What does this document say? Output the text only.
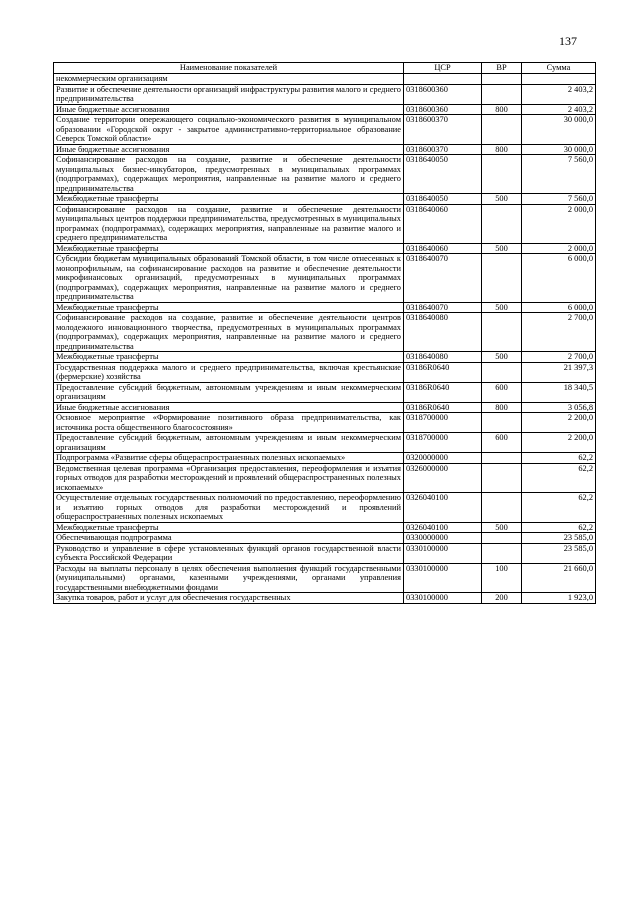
137
Наименование показателей	ЦСР	ВР	Сумма
некоммерческим организациям			
Развитие и обеспечение деятельности организаций инфраструктуры развития малого и среднего предпринимательства	0318600360		2 403,2
Иные бюджетные ассигнования	0318600360	800	2 403,2
Создание территории опережающего социально-экономического развития в муниципальном образовании «Городской округ - закрытое административно-территориальное образование Северск Томской области»	0318600370		30 000,0
Иные бюджетные ассигнования	0318600370	800	30 000,0
Софинансирование расходов на создание, развитие и обеспечение деятельности муниципальных бизнес-инкубаторов, предусмотренных в муниципальных программах (подпрограммах), содержащих мероприятия, направленные на развитие малого и среднего предпринимательства	0318640050		7 560,0
Межбюджетные трансферты	0318640050	500	7 560,0
Софинансирование расходов на создание, развитие и обеспечение деятельности муниципальных центров поддержки предпринимательства, предусмотренных в муниципальных программах (подпрограммах), содержащих мероприятия, направленные на развитие малого и среднего предпринимательства	0318640060		2 000,0
Межбюджетные трансферты	0318640060	500	2 000,0
Субсидии бюджетам муниципальных образований Томской области, в том числе отнесенных к монопрофильным, на софинансирование расходов на развитие и обеспечение деятельности микрофинансовых организаций, предусмотренных в муниципальных программах (подпрограммах), содержащих мероприятия, направленные на развитие малого и среднего предпринимательства	0318640070		6 000,0
Межбюджетные трансферты	0318640070	500	6 000,0
Софинансирование расходов на создание, развитие и обеспечение деятельности центров молодежного инновационного творчества, предусмотренных в муниципальных программах (подпрограммах), содержащих мероприятия, направленные на развитие малого и среднего предпринимательства	0318640080		2 700,0
Межбюджетные трансферты	0318640080	500	2 700,0
Государственная поддержка малого и среднего предпринимательства, включая крестьянские (фермерские) хозяйства	03186R0640		21 397,3
Предоставление субсидий бюджетным, автономным учреждениям и иным некоммерческим организациям	03186R0640	600	18 340,5
Иные бюджетные ассигнования	03186R0640	800	3 056,8
Основное мероприятие «Формирование позитивного образа предпринимательства, как источника роста общественного благосостояния»	0318700000		2 200,0
Предоставление субсидий бюджетным, автономным учреждениям и иным некоммерческим организациям	0318700000	600	2 200,0
Подпрограмма «Развитие сферы общераспространенных полезных ископаемых»	0320000000		62,2
Ведомственная целевая программа «Организация предоставления, переоформления и изъятия горных отводов для разработки месторождений и проявлений общераспространенных полезных ископаемых»	0326000000		62,2
Осуществление отдельных государственных полномочий по предоставлению, переоформлению и изъятию горных отводов для разработки месторождений и проявлений общераспространенных полезных ископаемых	0326040100		62,2
Межбюджетные трансферты	0326040100	500	62,2
Обеспечивающая подпрограмма	0330000000		23 585,0
Руководство и управление в сфере установленных функций органов государственной власти субъекта Российской Федерации	0330100000		23 585,0
Расходы на выплаты персоналу в целях обеспечения выполнения функций государственными (муниципальными) органами, казенными учреждениями, органами управления государственными внебюджетными фондами	0330100000	100	21 660,0
Закупка товаров, работ и услуг для обеспечения государственных	0330100000	200	1 923,0
